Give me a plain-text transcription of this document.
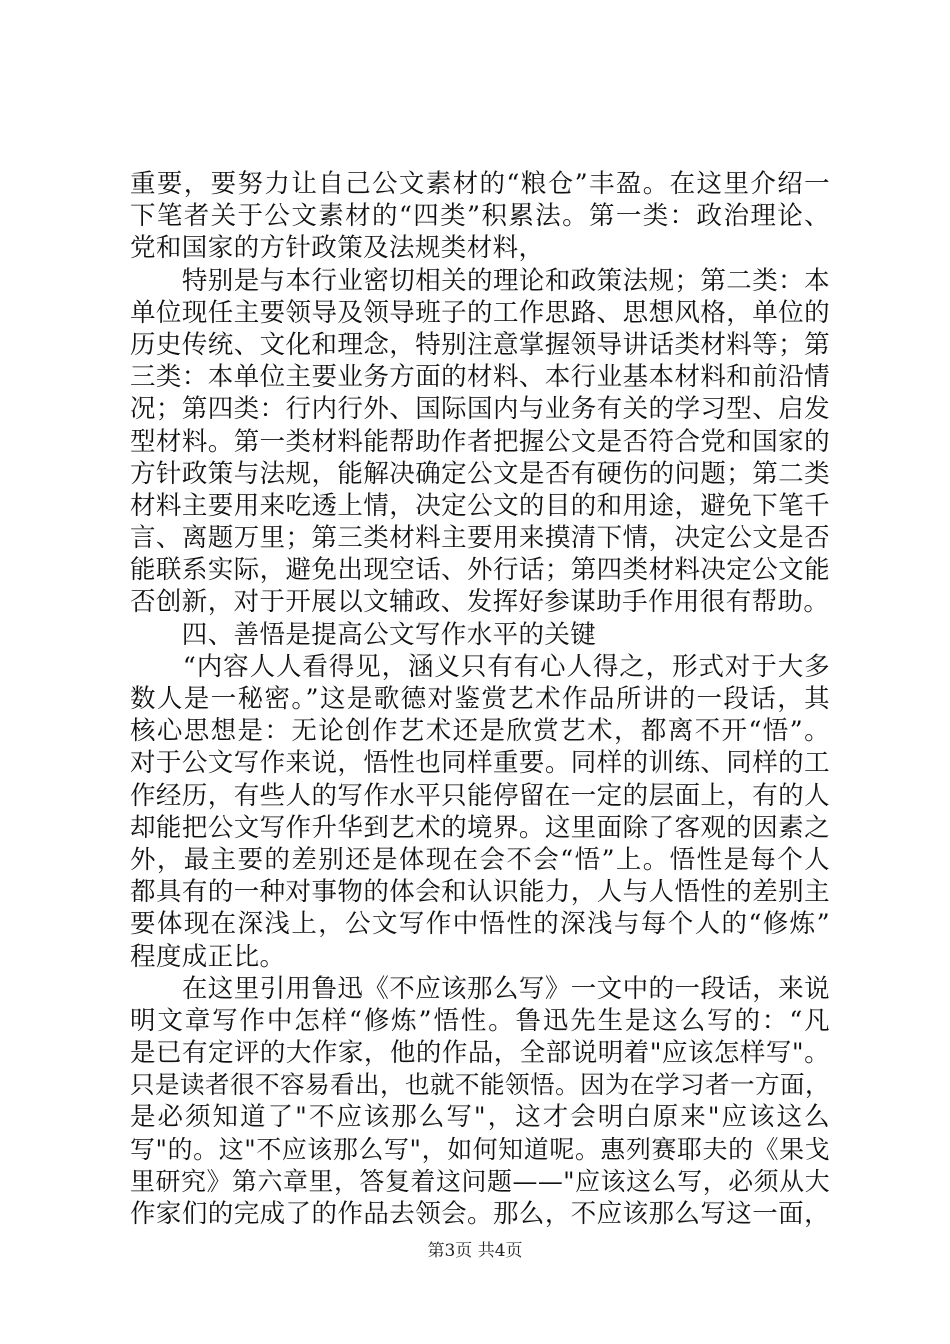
重要，要努力让自己公文素材的“粮仓”丰盈。在这里介绍一
下笔者关于公文素材的“四类”积累法。第一类：政治理论、
党和国家的方针政策及法规类材料，
　　特别是与本行业密切相关的理论和政策法规；第二类：本
单位现任主要领导及领导班子的工作思路、思想风格，单位的
历史传统、文化和理念，特别注意掌握领导讲话类材料等；第
三类：本单位主要业务方面的材料、本行业基本材料和前沿情
况；第四类：行内行外、国际国内与业务有关的学习型、启发
型材料。第一类材料能帮助作者把握公文是否符合党和国家的
方针政策与法规，能解决确定公文是否有硬伤的问题；第二类
材料主要用来吃透上情，决定公文的目的和用途，避免下笔千
言、离题万里；第三类材料主要用来摸清下情，决定公文是否
能联系实际，避免出现空话、外行话；第四类材料决定公文能
否创新，对于开展以文辅政、发挥好参谋助手作用很有帮助。
　　四、善悟是提高公文写作水平的关键
　　“内容人人看得见，涵义只有有心人得之，形式对于大多
数人是一秘密。”这是歌德对鉴赏艺术作品所讲的一段话，其
核心思想是：无论创作艺术还是欣赏艺术，都离不开“悟”。
对于公文写作来说，悟性也同样重要。同样的训练、同样的工
作经历，有些人的写作水平只能停留在一定的层面上，有的人
却能把公文写作升华到艺术的境界。这里面除了客观的因素之
外，最主要的差别还是体现在会不会“悟”上。悟性是每个人
都具有的一种对事物的体会和认识能力，人与人悟性的差别主
要体现在深浅上，公文写作中悟性的深浅与每个人的“修炼”
程度成正比。
　　在这里引用鲁迅《不应该那么写》一文中的一段话，来说
明文章写作中怎样“修炼”悟性。鲁迅先生是这么写的：“凡
是已有定评的大作家，他的作品，全部说明着"应该怎样写"。
只是读者很不容易看出，也就不能领悟。因为在学习者一方面，
是必须知道了"不应该那么写"，这才会明白原来"应该这么
写"的。这"不应该那么写"，如何知道呢。惠列赛耶夫的《果戈
里研究》第六章里，答复着这问题——"应该这么写，必须从大
作家们的完成了的作品去领会。那么，不应该那么写这一面，
第3页 共4页
